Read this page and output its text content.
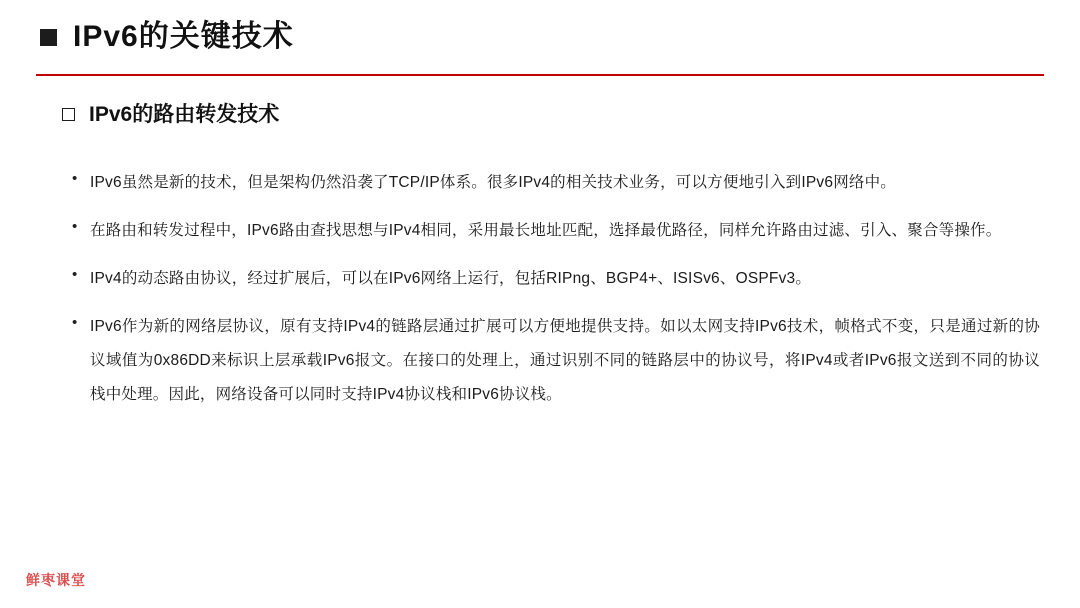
IPv6的关键技术
IPv6的路由转发技术
• IPv6虽然是新的技术，但是架构仍然沿袭了TCP/IP体系。很多IPv4的相关技术业务，可以方便地引入到IPv6网络中。
• 在路由和转发过程中，IPv6路由查找思想与IPv4相同，采用最长地址匹配，选择最优路径，同样允许路由过滤、引入、聚合等操作。
• IPv4的动态路由协议，经过扩展后，可以在IPv6网络上运行，包括RIPng、BGP4+、ISISv6、OSPFv3。
• IPv6作为新的网络层协议，原有支持IPv4的链路层通过扩展可以方便地提供支持。如以太网支持IPv6技术，帧格式不变，只是通过新的协议域值为0x86DD来标识上层承载IPv6报文。在接口的处理上，通过识别不同的链路层中的协议号，将IPv4或者IPv6报文送到不同的协议栈中处理。因此，网络设备可以同时支持IPv4协议栈和IPv6协议栈。
鲜枣课堂
